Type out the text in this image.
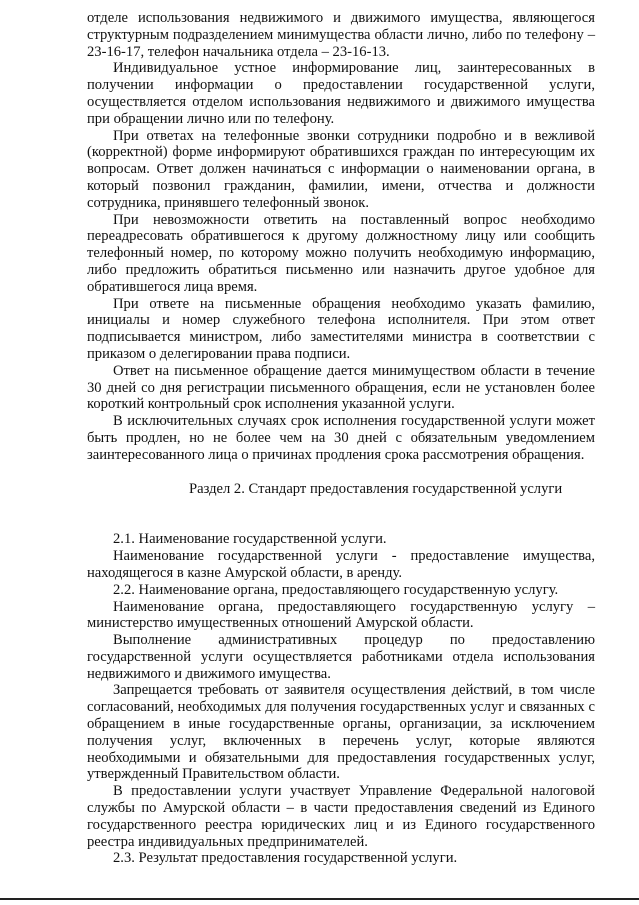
отделе использования недвижимого и движимого имущества, являющегося структурным подразделением минимущества области лично, либо по телефону – 23-16-17, телефон начальника отдела – 23-16-13.

Индивидуальное устное информирование лиц, заинтересованных в получении информации о предоставлении государственной услуги, осуществляется отделом использования недвижимого и движимого имущества при обращении лично или по телефону.

При ответах на телефонные звонки сотрудники подробно и в вежливой (корректной) форме информируют обратившихся граждан по интересующим их вопросам. Ответ должен начинаться с информации о наименовании органа, в который позвонил гражданин, фамилии, имени, отчества и должности сотрудника, принявшего телефонный звонок.

При невозможности ответить на поставленный вопрос необходимо переадресовать обратившегося к другому должностному лицу или сообщить телефонный номер, по которому можно получить необходимую информацию, либо предложить обратиться письменно или назначить другое удобное для обратившегося лица время.

При ответе на письменные обращения необходимо указать фамилию, инициалы и номер служебного телефона исполнителя. При этом ответ подписывается министром, либо заместителями министра в соответствии с приказом о делегировании права подписи.

Ответ на письменное обращение дается минимуществом области в течение 30 дней со дня регистрации письменного обращения, если не установлен более короткий контрольный срок исполнения указанной услуги.

В исключительных случаях срок исполнения государственной услуги может быть продлен, но не более чем на 30 дней с обязательным уведомлением заинтересованного лица о причинах продления срока рассмотрения обращения.

Раздел 2. Стандарт предоставления государственной услуги

2.1. Наименование государственной услуги.

Наименование государственной услуги - предоставление имущества, находящегося в казне Амурской области, в аренду.

2.2. Наименование органа, предоставляющего государственную услугу.

Наименование органа, предоставляющего государственную услугу – министерство имущественных отношений Амурской области.

Выполнение административных процедур по предоставлению государственной услуги осуществляется работниками отдела использования недвижимого и движимого имущества.

Запрещается требовать от заявителя осуществления действий, в том числе согласований, необходимых для получения государственных услуг и связанных с обращением в иные государственные органы, организации, за исключением получения услуг, включенных в перечень услуг, которые являются необходимыми и обязательными для предоставления государственных услуг, утвержденный Правительством области.

В предоставлении услуги участвует Управление Федеральной налоговой службы по Амурской области – в части предоставления сведений из Единого государственного реестра юридических лиц и из Единого государственного реестра индивидуальных предпринимателей.

2.3. Результат предоставления государственной услуги.
